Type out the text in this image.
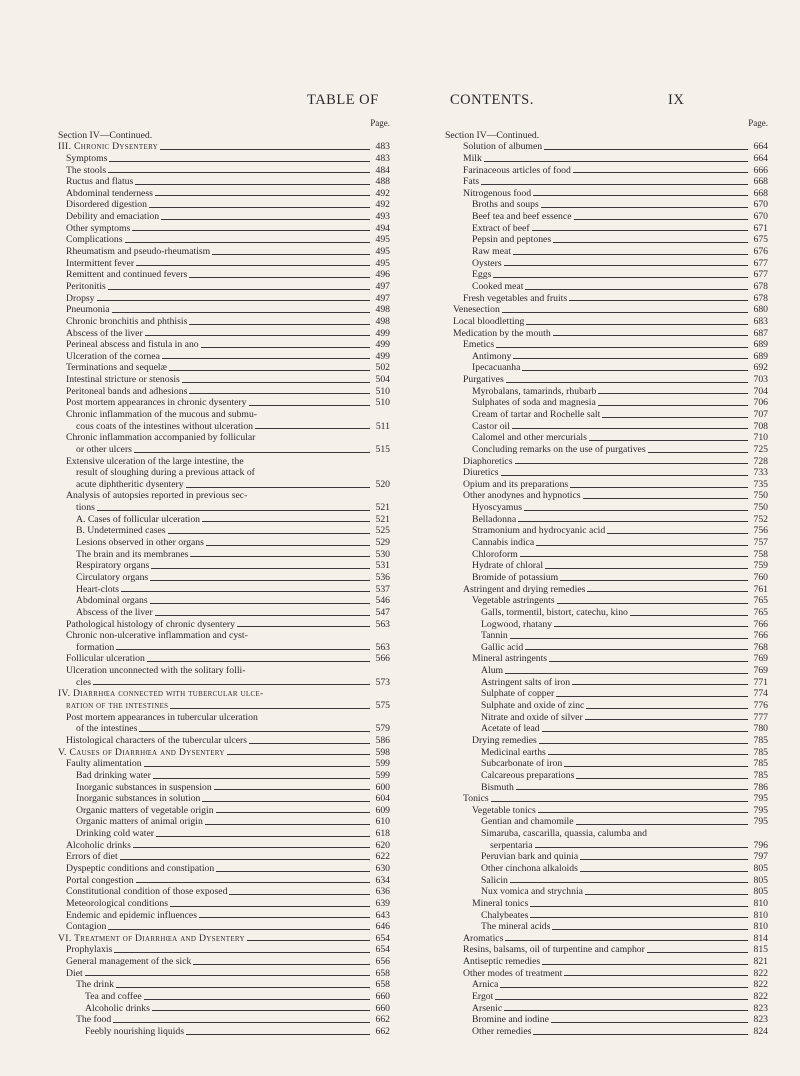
TABLE OF	CONTENTS.	IX
Page.
Section IV—Continued.
III. Chronic Dysentery	483
Symptoms	483
The stools	484
Ructus and flatus	488
Abdominal tenderness	492
Disordered digestion	492
Debility and emaciation	493
Other symptoms	494
Complications	495
Rheumatism and pseudo-rheumatism	495
Intermittent fever	495
Remittent and continued fevers	496
Peritonitis	497
Dropsy	497
Pneumonia	498
Chronic bronchitis and phthisis	498
Abscess of the liver	499
Perineal abscess and fistula in ano	499
Ulceration of the cornea	499
Terminations and sequelæ	502
Intestinal stricture or stenosis	504
Peritoneal bands and adhesions	510
Post mortem appearances in chronic dysentery	510
Chronic inflammation of the mucous and submu-
cous coats of the intestines without ulceration	511
Chronic inflammation accompanied by follicular
or other ulcers	515
Extensive ulceration of the large intestine, the
result of sloughing during a previous attack of
acute diphtheritic dysentery	520
Analysis of autopsies reported in previous sec-
tions	521
A. Cases of follicular ulceration	521
B. Undetermined cases	525
Lesions observed in other organs	529
The brain and its membranes	530
Respiratory organs	531
Circulatory organs	536
Heart-clots	537
Abdominal organs	546
Abscess of the liver	547
Pathological histology of chronic dysentery	563
Chronic non-ulcerative inflammation and cyst-
formation	563
Follicular ulceration	566
Ulceration unconnected with the solitary folli-
cles	573
IV. Diarrhœa connected with tubercular ulce-
ration of the intestines	575
Post mortem appearances in tubercular ulceration
of the intestines	579
Histological characters of the tubercular ulcers	586
V. Causes of Diarrhœa and Dysentery	598
Faulty alimentation	599
Bad drinking water	599
Inorganic substances in suspension	600
Inorganic substances in solution	604
Organic matters of vegetable origin	609
Organic matters of animal origin	610
Drinking cold water	618
Alcoholic drinks	620
Errors of diet	622
Dyspeptic conditions and constipation	630
Portal congestion	634
Constitutional condition of those exposed	636
Meteorological conditions	639
Endemic and epidemic influences	643
Contagion	646
VI. Treatment of Diarrhœa and Dysentery	654
Prophylaxis	654
General management of the sick	656
Diet	658
The drink	658
Tea and coffee	660
Alcoholic drinks	660
The food	662
Feebly nourishing liquids	662
Page.
Section IV—Continued.
Solution of albumen	664
Milk	664
Farinaceous articles of food	666
Fats	668
Nitrogenous food	668
Broths and soups	670
Beef tea and beef essence	670
Extract of beef	671
Pepsin and peptones	675
Raw meat	676
Oysters	677
Eggs	677
Cooked meat	678
Fresh vegetables and fruits	678
Venesection	680
Local bloodletting	683
Medication by the mouth	687
Emetics	689
Antimony	689
Ipecacuanha	692
Purgatives	703
Myrobalans, tamarinds, rhubarb	704
Sulphates of soda and magnesia	706
Cream of tartar and Rochelle salt	707
Castor oil	708
Calomel and other mercurials	710
Concluding remarks on the use of purgatives	725
Diaphoretics	728
Diuretics	733
Opium and its preparations	735
Other anodynes and hypnotics	750
Hyoscyamus	750
Belladonna	752
Stramonium and hydrocyanic acid	756
Cannabis indica	757
Chloroform	758
Hydrate of chloral	759
Bromide of potassium	760
Astringent and drying remedies	761
Vegetable astringents	765
Galls, tormentil, bistort, catechu, kino	765
Logwood, rhatany	766
Tannin	766
Gallic acid	768
Mineral astringents	769
Alum	769
Astringent salts of iron	771
Sulphate of copper	774
Sulphate and oxide of zinc	776
Nitrate and oxide of silver	777
Acetate of lead	780
Drying remedies	785
Medicinal earths	785
Subcarbonate of iron	785
Calcareous preparations	785
Bismuth	786
Tonics	795
Vegetable tonics	795
Gentian and chamomile	795
Simaruba, cascarilla, quassia, calumba and
serpentaria	796
Peruvian bark and quinia	797
Other cinchona alkaloids	805
Salicin	805
Nux vomica and strychnia	805
Mineral tonics	810
Chalybeates	810
The mineral acids	810
Aromatics	814
Resins, balsams, oil of turpentine and camphor	815
Antiseptic remedies	821
Other modes of treatment	822
Arnica	822
Ergot	822
Arsenic	823
Bromine and iodine	823
Other remedies	824
